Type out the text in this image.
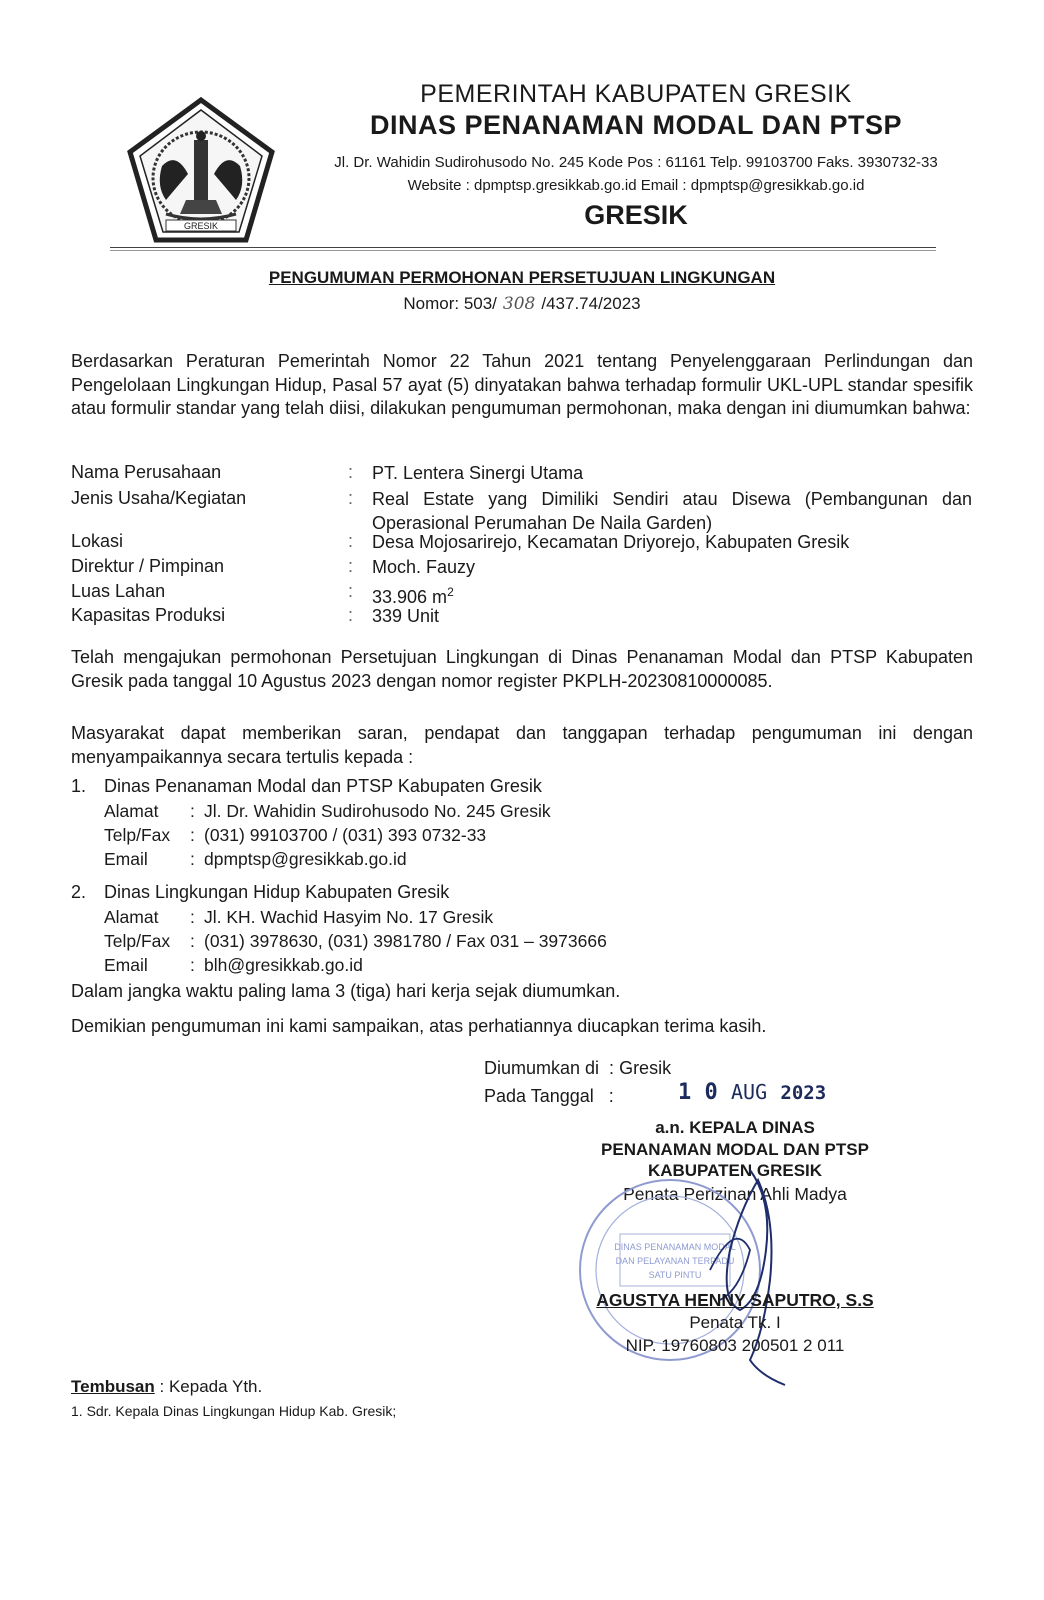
GRESIK
PEMERINTAH KABUPATEN GRESIK
DINAS PENANAMAN MODAL DAN PTSP
Jl. Dr. Wahidin Sudirohusodo No. 245 Kode Pos : 61161 Telp. 99103700 Faks. 3930732-33
Website : dpmptsp.gresikkab.go.id Email : dpmptsp@gresikkab.go.id
GRESIK
PENGUMUMAN PERMOHONAN PERSETUJUAN LINGKUNGAN
Nomor: 503/ 308 /437.74/2023
Berdasarkan Peraturan Pemerintah Nomor 22 Tahun 2021 tentang Penyelenggaraan Perlindungan dan Pengelolaan Lingkungan Hidup, Pasal 57 ayat (5) dinyatakan bahwa terhadap formulir UKL-UPL standar spesifik atau formulir standar yang telah diisi, dilakukan pengumuman permohonan, maka dengan ini diumumkan bahwa:
Nama Perusahaan	:	PT. Lentera Sinergi Utama
Jenis Usaha/Kegiatan	:	Real Estate yang Dimiliki Sendiri atau Disewa (Pembangunan dan Operasional Perumahan De Naila Garden)
Lokasi	:	Desa Mojosarirejo, Kecamatan Driyorejo, Kabupaten Gresik
Direktur / Pimpinan	:	Moch. Fauzy
Luas Lahan	:	33.906 $m^2$
Kapasitas Produksi	:	339 Unit
Telah mengajukan permohonan Persetujuan Lingkungan di Dinas Penanaman Modal dan PTSP Kabupaten Gresik pada tanggal 10 Agustus 2023 dengan nomor register PKPLH-20230810000085.
Masyarakat dapat memberikan saran, pendapat dan tanggapan terhadap pengumuman ini dengan menyampaikannya secara tertulis kepada :
1. Dinas Penanaman Modal dan PTSP Kabupaten Gresik
Alamat : Jl. Dr. Wahidin Sudirohusodo No. 245 Gresik
Telp/Fax : (031) 99103700 / (031) 393 0732-33
Email : dpmptsp@gresikkab.go.id
2. Dinas Lingkungan Hidup Kabupaten Gresik
Alamat : Jl. KH. Wachid Hasyim No. 17 Gresik
Telp/Fax : (031) 3978630, (031) 3981780 / Fax 031 – 3973666
Email : blh@gresikkab.go.id
Dalam jangka waktu paling lama 3 (tiga) hari kerja sejak diumumkan.
Demikian pengumuman ini kami sampaikan, atas perhatiannya diucapkan terima kasih.
Diumumkan di  : Gresik
Pada Tanggal   :	1 0 AUG 2023
a.n. KEPALA DINAS
PENANAMAN MODAL DAN PTSP
KABUPATEN GRESIK
Penata Perizinan Ahli Madya
DINAS PENANAMAN MODAL
DAN PELAYANAN TERPADU
SATU PINTU
AGUSTYA HENNY SAPUTRO, S.S
Penata Tk. I
NIP. 19760803 200501 2 011
Tembusan : Kepada Yth.
1. Sdr. Kepala Dinas Lingkungan Hidup Kab. Gresik;
